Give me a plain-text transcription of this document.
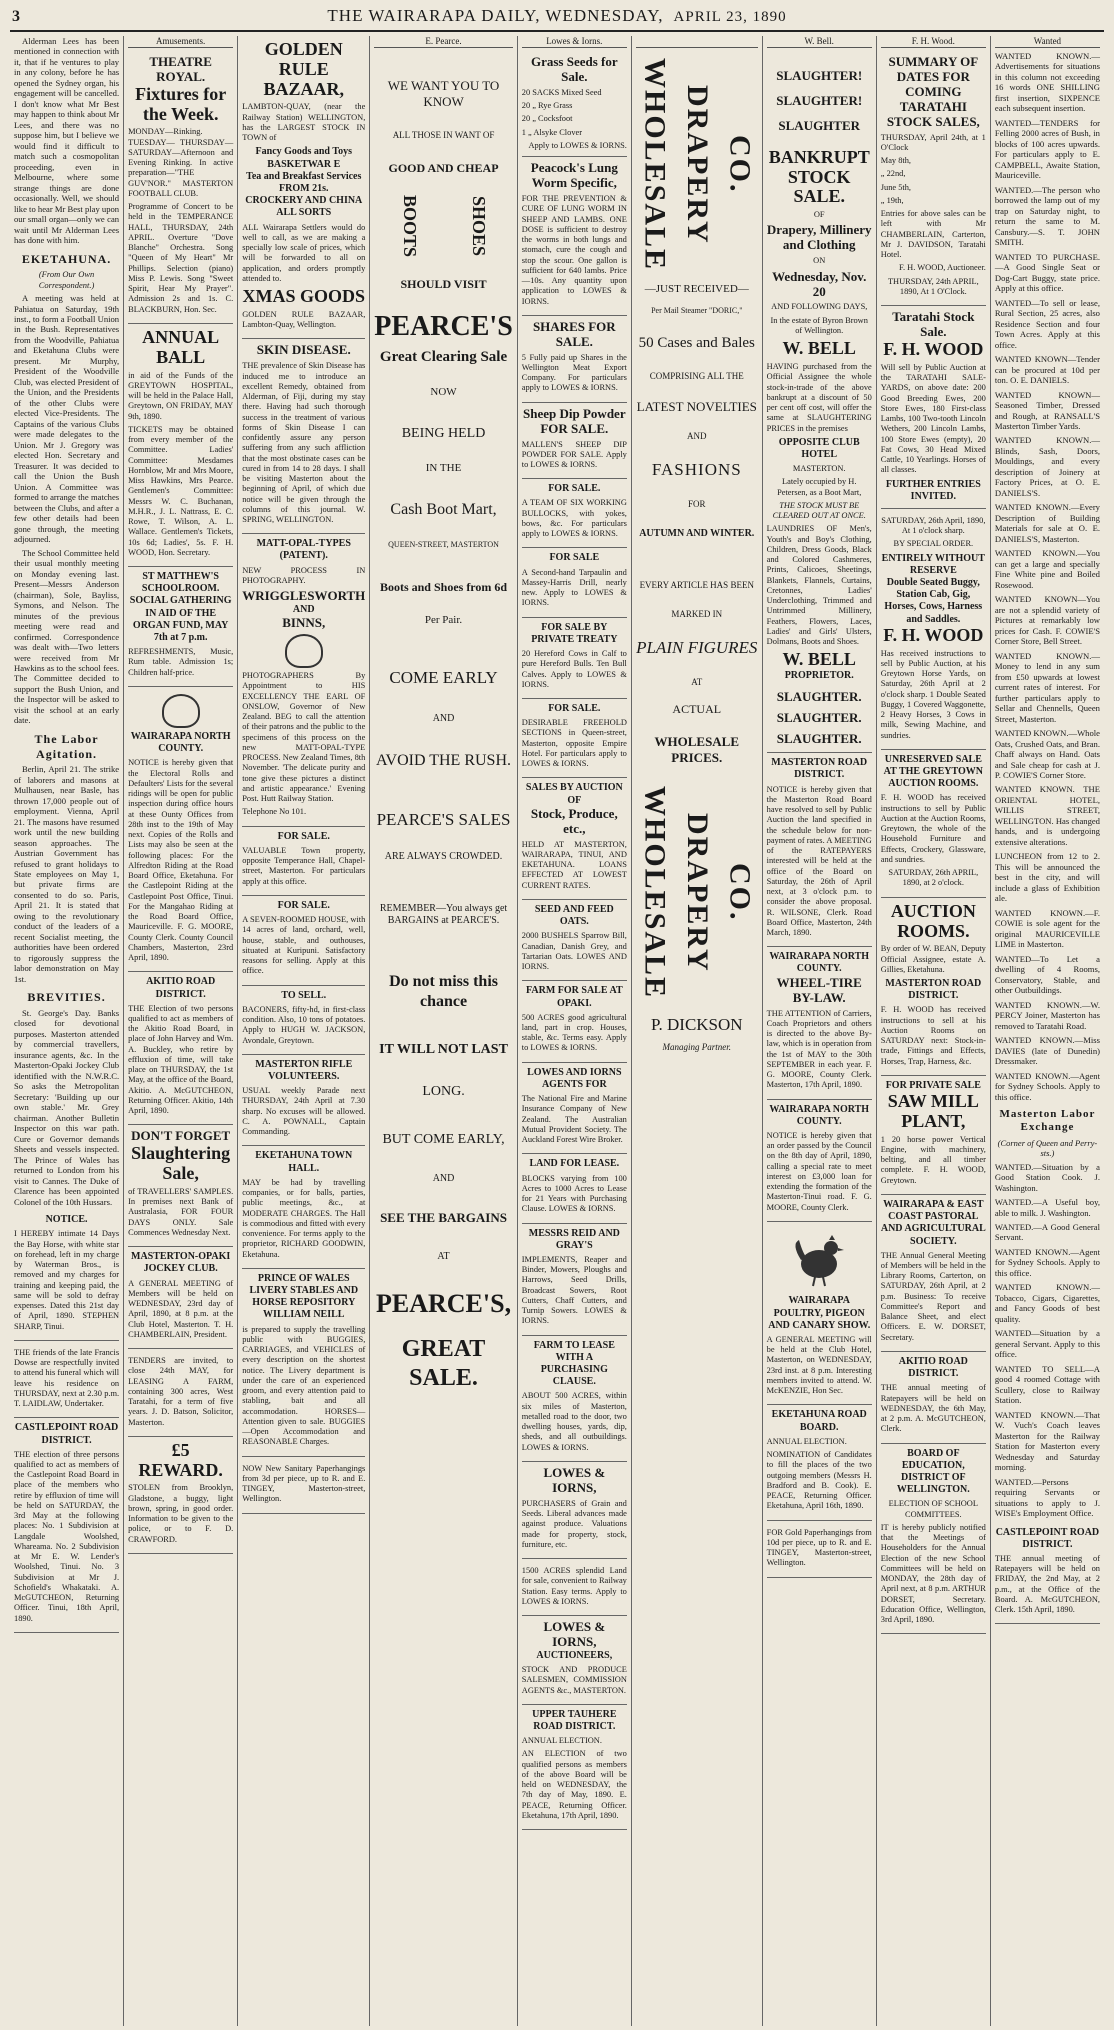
3	THE WAIRARAPA DAILY, WEDNESDAY, APRIL 23, 1890

Alderman Lees has been mentioned in connection with it, that if he ventures to play in any colony, before he has opened the Sydney organ, his engagement will be cancelled. I don't know what Mr Best may happen to think about Mr Lees, and there was no suppose him, but I believe we would find it difficult to match such a cosmopolitan proceeding, even in Melbourne, where some strange things are done occasionally. Well, we should like to hear Mr Best play upon our small organ—only we can wait until Mr Alderman Lees has done with him.

EKETAHUNA.
(From Our Own Correspondent.)

A meeting was held at Pahiatua on Saturday, 19th inst., to form a Football Union in the Bush. Representatives from the Woodville, Pahiatua and Eketahuna Clubs were present. Mr Murphy, President of the Woodville Club, was elected President of the Union, and the Presidents of the other Clubs were elected Vice-Presidents. The Captains of the various Clubs were made delegates to the Union. Mr J. Gregory was elected Hon. Secretary and Treasurer. It was decided to call the Union the Bush Union. A Committee was formed to arrange the matches between the Clubs, and after a few other details had been gone through, the meeting adjourned.

The School Committee held their usual monthly meeting on Monday evening last. Present—Messrs Anderson (chairman), Sole, Bayliss, Symons, and Nelson. The minutes of the previous meeting were read and confirmed. Correspondence was dealt with—Two letters were received from Mr Hawkins as to the school fees. The Committee decided to support the Bush Union, and the Inspector will be asked to visit the school at an early date.

The Labor Agitation.

Berlin, April 21. The strike of laborers and masons at Mulhausen, near Basle, has thrown 17,000 people out of employment. Vienna, April 21. The masons have resumed work until the new building season approaches. The Austrian Government has refused to grant holidays to State employees on May 1, but private firms are consented to do so. Paris, April 21. It is stated that owing to the revolutionary conduct of the leaders of a recent Socialist meeting, the authorities have been ordered to rigorously suppress the labor demonstration on May 1st.

BREVITIES.

St. George's Day. Banks closed for devotional purposes. Masterton attended by commercial travellers, insurance agents, &c. In the Masterton-Opaki Jockey Club identified with the N.W.R.C. So asks the Metropolitan Secretary: 'Building up our own stable.' Mr. Grey chairman. Another Bulletin Inspector on this war path. Cure or Governor demands Sheets and vessels inspected. The Prince of Wales has returned to London from his visit to Cannes. The Duke of Clarence has been appointed Colonel of the 10th Hussars.

NOTICE.
I HEREBY intimate 14 Days the Bay Horse, with white star on forehead, left in my charge by Waterman Bros., is removed and my charges for training and keeping paid, the same will be sold to defray expenses. Dated this 21st day of April, 1890. STEPHEN SHARP, Tinui.
THE friends of the late Francis Dowse are respectfully invited to attend his funeral which will leave his residence on THURSDAY, next at 2.30 p.m. T. LAIDLAW, Undertaker.
CASTLEPOINT ROAD DISTRICT.
THE election of three persons qualified to act as members of the Castlepoint Road Board in place of the members who retire by effluxion of time will be held on SATURDAY, the 3rd May at the following places: No. 1 Subdivision at Langdale Woolshed, Whareama. No. 2 Subdivision at Mr E. W. Lender's Woolshed, Tinui. No. 3 Subdivision at Mr J. Schofield's Whakataki. A. McGUTCHEON, Returning Officer. Tinui, 18th April, 1890.
Amusements.
THEATRE ROYAL.
Fixtures for the Week.
MONDAY—Rinking. TUESDAY— THURSDAY— SATURDAY—Afternoon and Evening Rinking. In active preparation—"THE GUV'NOR." MASTERTON FOOTBALL CLUB.
Programme of Concert to be held in the TEMPERANCE HALL, THURSDAY, 24th APRIL. Overture "Dove Blanche" Orchestra. Song "Queen of My Heart" Mr Phillips. Selection (piano) Miss P. Lewis. Song "Sweet Spirit, Hear My Prayer". Admission 2s and 1s. C. BLACKBURN, Hon. Sec.
ANNUAL BALL
in aid of the Funds of the GREYTOWN HOSPITAL, will be held in the Palace Hall, Greytown, ON FRIDAY, MAY 9th, 1890.
TICKETS may be obtained from every member of the Committee. Ladies' Committee: Mesdames Hornblow, Mr and Mrs Moore, Miss Hawkins, Mrs Pearce. Gentlemen's Committee: Messrs W. C. Buchanan, M.H.R., J. L. Nattrass, E. C. Rowe, T. Wilson, A. L. Wallace. Gentlemen's Tickets, 10s 6d; Ladies', 5s. F. H. WOOD, Hon. Secretary.
ST MATTHEW'S SCHOOLROOM.
SOCIAL GATHERING IN AID OF THE ORGAN FUND, MAY 7th at 7 p.m.
REFRESHMENTS, Music, Rum table. Admission 1s; Children half-price.
WAIRARAPA NORTH COUNTY.
NOTICE is hereby given that the Electoral Rolls and Defaulters' Lists for the several ridings will be open for public inspection during office hours at these Ounty Offices from 28th inst to the 19th of May next. Copies of the Rolls and Lists may also be seen at the following places: For the Alfredton Riding at the Road Board Office, Eketahuna. For the Castlepoint Riding at the Castlepoint Post Office, Tinui. For the Mangahao Riding at the Road Board Office, Mauriceville. F. G. MOORE, County Clerk. County Council Chambers, Masterton, 23rd April, 1890.
AKITIO ROAD DISTRICT.
THE Election of two persons qualified to act as members of the Akitio Road Board, in place of John Harvey and Wm. A. Buckley, who retire by effluxion of time, will take place on THURSDAY, the 1st May, at the office of the Board, Akitio. A. McGUTCHEON, Returning Officer. Akitio, 14th April, 1890.
DON'T FORGET
Slaughtering Sale,
of TRAVELLERS' SAMPLES. In premises next Bank of Australasia, FOR FOUR DAYS ONLY. Sale Commences Wednesday Next.
MASTERTON-OPAKI JOCKEY CLUB.
A GENERAL MEETING of Members will be held on WEDNESDAY, 23rd day of April, 1890, at 8 p.m. at the Club Hotel, Masterton. T. H. CHAMBERLAIN, President.
TENDERS are invited, to close 24th MAY, for LEASING A FARM, containing 300 acres, West Taratahi, for a term of five years. J. D. Batson, Solicitor, Masterton.
£5 REWARD.
STOLEN from Brooklyn, Gladstone, a buggy, light brown, spring, in good order. Information to be given to the police, or to F. D. CRAWFORD.
GOLDEN RULE
BAZAAR,
LAMBTON-QUAY, (near the Railway Station) WELLINGTON, has the LARGEST STOCK IN TOWN of
Fancy Goods and Toys
BASKETWAR E
Tea and Breakfast Services FROM 21s.
CROCKERY AND CHINA
ALL SORTS
ALL Wairarapa Settlers would do well to call, as we are making a specially low scale of prices, which will be forwarded to all on application, and orders promptly attended to.
XMAS GOODS
GOLDEN RULE BAZAAR, Lambton-Quay, Wellington.
SKIN DISEASE.
THE prevalence of Skin Disease has induced me to introduce an excellent Remedy, obtained from Alderman, of Fiji, during my stay there. Having had such thorough success in the treatment of various forms of Skin Disease I can confidently assure any person suffering from any such affliction that the most obstinate cases can be cured in from 14 to 28 days. I shall be visiting Masterton about the beginning of April, of which due notice will be given through the columns of this journal. W. SPRING, WELLINGTON.
MATT-OPAL-TYPES (PATENT).
NEW PROCESS IN PHOTOGRAPHY.
WRIGGLESWORTH
AND
BINNS,
PHOTOGRAPHERS By Appointment to HIS EXCELLENCY THE EARL OF ONSLOW, Governor of New Zealand. BEG to call the attention of their patrons and the public to the specimens of this process on the new MATT-OPAL-TYPE PROCESS. New Zealand Times, 8th November. 'The delicate purity and tone give these pictures a distinct and artistic appearance.' Evening Post. Hutt Railway Station.
Telephone No 101.
FOR SALE.
VALUABLE Town property, opposite Temperance Hall, Chapel-street, Masterton. For particulars apply at this office.
FOR SALE.
A SEVEN-ROOMED HOUSE, with 14 acres of land, orchard, well, house, stable, and outhouses, situated at Kuripuni. Satisfactory reasons for selling. Apply at this office.
TO SELL.
BACONERS, fifty-hd, in first-class condition. Also, 10 tons of potatoes. Apply to HUGH W. JACKSON, Avondale, Greytown.
MASTERTON RIFLE VOLUNTEERS.
USUAL weekly Parade next THURSDAY, 24th April at 7.30 sharp. No excuses will be allowed. C. A. POWNALL, Captain Commanding.
EKETAHUNA TOWN HALL.
MAY be had by travelling companies, or for balls, parties, public meetings, &c., at MODERATE CHARGES. The Hall is commodious and fitted with every convenience. For terms apply to the proprietor, RICHARD GOODWIN, Eketahuna.
PRINCE OF WALES LIVERY STABLES AND HORSE REPOSITORY WILLIAM NEILL
is prepared to supply the travelling public with BUGGIES, CARRIAGES, and VEHICLES of every description on the shortest notice. The Livery department is under the care of an experienced groom, and every attention paid to stabling, bait and all accommodation. HORSES—Attention given to sale. BUGGIES—Open Accommodation and REASONABLE Charges.
NOW New Sanitary Paperhangings from 3d per piece, up to R. and E. TINGEY, Masterton-street, Wellington.
E. Pearce.
WE WANT YOU TO KNOW
ALL THOSE IN WANT OF
GOOD AND CHEAP
BOOTS	SHOES
SHOULD VISIT
PEARCE'S
Great Clearing Sale
NOW
BEING HELD
IN THE
Cash Boot Mart,
QUEEN-STREET, MASTERTON
Boots and Shoes from 6d
Per Pair.
COME EARLY
AND
AVOID THE RUSH.
PEARCE'S SALES
ARE ALWAYS CROWDED.
REMEMBER—You always get BARGAINS at PEARCE'S.
Do not miss this chance
IT WILL NOT LAST
LONG.
BUT COME EARLY,
AND
SEE THE BARGAINS
AT
PEARCE'S,
GREAT SALE.
Lowes & Iorns.
Grass Seeds for Sale.
20 SACKS Mixed Seed
20 „ Rye Grass
20 „ Cocksfoot
1 „ Alsyke Clover
Apply to LOWES & IORNS.
Peacock's Lung Worm Specific,
FOR THE PREVENTION & CURE OF LUNG WORM IN SHEEP AND LAMBS. ONE DOSE is sufficient to destroy the worms in both lungs and stomach, cure the cough and stop the scour. One gallon is sufficient for 640 lambs. Price—10s. Any quantity upon application to LOWES & IORNS.
SHARES FOR SALE.
5 Fully paid up Shares in the Wellington Meat Export Company. For particulars apply to LOWES & IORNS.
Sheep Dip Powder FOR SALE.
MALLEN'S SHEEP DIP POWDER FOR SALE. Apply to LOWES & IORNS.
FOR SALE.
A TEAM OF SIX WORKING BULLOCKS, with yokes, bows, &c. For particulars apply to LOWES & IORNS.
FOR SALE
A Second-hand Tarpaulin and Massey-Harris Drill, nearly new. Apply to LOWES & IORNS.
FOR SALE BY PRIVATE TREATY
20 Hereford Cows in Calf to pure Hereford Bulls. Ten Bull Calves. Apply to LOWES & IORNS.
FOR SALE.
DESIRABLE FREEHOLD SECTIONS in Queen-street, Masterton, opposite Empire Hotel. For particulars apply to LOWES & IORNS.
SALES BY AUCTION OF
Stock, Produce, etc.,
HELD AT MASTERTON, WAIRARAPA, TINUI, AND EKETAHUNA. LOANS EFFECTED AT LOWEST CURRENT RATES.
SEED AND FEED OATS.
2000 BUSHELS Sparrow Bill, Canadian, Danish Grey, and Tartarian Oats. LOWES AND IORNS.
FARM FOR SALE AT OPAKI.
500 ACRES good agricultural land, part in crop. Houses, stable, &c. Terms easy. Apply to LOWES & IORNS.
LOWES AND IORNS AGENTS FOR
The National Fire and Marine Insurance Company of New Zealand. The Australian Mutual Provident Society. The Auckland Forest Wire Broker.
LAND FOR LEASE.
BLOCKS varying from 100 Acres to 1000 Acres to Lease for 21 Years with Purchasing Clause. LOWES & IORNS.
MESSRS REID AND GRAY'S
IMPLEMENTS, Reaper and Binder, Mowers, Ploughs and Harrows, Seed Drills, Broadcast Sowers, Root Cutters, Chaff Cutters, and Turnip Sowers. LOWES & IORNS.
FARM TO LEASE WITH A PURCHASING CLAUSE.
ABOUT 500 ACRES, within six miles of Masterton, metalled road to the door, two dwelling houses, yards, dip, sheds, and all outbuildings. LOWES & IORNS.
LOWES & IORNS,
PURCHASERS of Grain and Seeds. Liberal advances made against produce. Valuations made for property, stock, furniture, etc.
1500 ACRES splendid Land for sale, convenient to Railway Station. Easy terms. Apply to LOWES & IORNS.
LOWES & IORNS,
AUCTIONEERS,
STOCK AND PRODUCE SALESMEN, COMMISSION AGENTS &c., MASTERTON.
UPPER TAUHERE ROAD DISTRICT.
ANNUAL ELECTION.
AN ELECTION of two qualified persons as members of the above Board will be held on WEDNESDAY, the 7th day of May, 1890. E. PEACE, Returning Officer. Eketahuna, 17th April, 1890.
WHOLESALE DRAPERY CO.
—JUST RECEIVED—
Per Mail Steamer "DORIC,"
50 Cases and Bales
COMPRISING ALL THE
LATEST NOVELTIES
AND
FASHIONS
FOR
AUTUMN AND WINTER.
EVERY ARTICLE HAS BEEN
MARKED IN
PLAIN FIGURES
AT
ACTUAL
WHOLESALE PRICES.
WHOLESALE DRAPERY CO.
P. DICKSON
Managing Partner.
W. Bell.
SLAUGHTER!
SLAUGHTER!
SLAUGHTER
BANKRUPT STOCK SALE.
OF
Drapery, Millinery and Clothing
ON
Wednesday, Nov. 20
AND FOLLOWING DAYS,
In the estate of Byron Brown of Wellington.
W. BELL
HAVING purchased from the Official Assignee the whole stock-in-trade of the above bankrupt at a discount of 50 per cent off cost, will offer the same at SLAUGHTERING PRICES in the premises
OPPOSITE CLUB HOTEL
MASTERTON.
Lately occupied by H. Petersen, as a Boot Mart,
THE STOCK MUST BE CLEARED OUT AT ONCE.
LAUNDRIES OF Men's, Youth's and Boy's Clothing, Children, Dress Goods, Black and Colored Cashmeres, Prints, Calicoes, Sheetings, Blankets, Flannels, Curtains, Cretonnes, Ladies' Underclothing, Trimmed and Untrimmed Millinery, Feathers, Flowers, Laces, Ladies' and Girls' Ulsters, Dolmans, Boots and Shoes.
W. BELL
PROPRIETOR.
SLAUGHTER.
SLAUGHTER.
SLAUGHTER.
MASTERTON ROAD DISTRICT.
NOTICE is hereby given that the Masterton Road Board have resolved to sell by Public Auction the land specified in the schedule below for non-payment of rates. A MEETING of the RATEPAYERS interested will be held at the office of the Board on Saturday, the 26th of April next, at 3 o'clock p.m. to consider the above proposal. R. WILSONE, Clerk. Road Board Office, Masterton, 24th March, 1890.
WAIRARAPA NORTH COUNTY.
WHEEL-TIRE BY-LAW.
THE ATTENTION of Carriers, Coach Proprietors and others is directed to the above By-law, which is in operation from the 1st of MAY to the 30th SEPTEMBER in each year. F. G. MOORE, County Clerk. Masterton, 17th April, 1890.
WAIRARAPA NORTH COUNTY.
NOTICE is hereby given that an order passed by the Council on the 8th day of April, 1890, calling a special rate to meet interest on £3,000 loan for extending the formation of the Masterton-Tinui road. F. G. MOORE, County Clerk.
WAIRARAPA POULTRY, PIGEON AND CANARY SHOW.
A GENERAL MEETING will be held at the Club Hotel, Masterton, on WEDNESDAY, 23rd inst. at 8 p.m. Interesting members invited to attend. W. McKENZIE, Hon Sec.
EKETAHUNA ROAD BOARD.
ANNUAL ELECTION.
NOMINATION of Candidates to fill the places of the two outgoing members (Messrs H. Bradford and B. Cook). E. PEACE, Returning Officer. Eketahuna, April 16th, 1890.
FOR Gold Paperhangings from 10d per piece, up to R. and E. TINGEY, Masterton-street, Wellington.
F. H. Wood.
SUMMARY OF DATES FOR COMING TARATAHI STOCK SALES,
THURSDAY, April 24th, at 1 O'Clock
May 8th,
„ 22nd,
June 5th,
„ 19th,
Entries for above sales can be left with Mr CHAMBERLAIN, Carterton, Mr J. DAVIDSON, Taratahi Hotel.
F. H. WOOD, Auctioneer.
THURSDAY, 24th APRIL, 1890, At 1 O'Clock.
Taratahi Stock Sale.
F. H. WOOD
Will sell by Public Auction at the TARATAHI SALE-YARDS, on above date: 200 Good Breeding Ewes, 200 Store Ewes, 180 First-class Lambs, 100 Two-tooth Lincoln Wethers, 200 Lincoln Lambs, 100 Store Ewes (empty), 20 Fat Cows, 30 Head Mixed Cattle, 10 Yearlings. Horses of all classes.
FURTHER ENTRIES INVITED.
SATURDAY, 26th April, 1890, At 1 o'clock sharp.
BY SPECIAL ORDER.
ENTIRELY WITHOUT RESERVE
Double Seated Buggy, Station Cab, Gig, Horses, Cows, Harness and Saddles.
F. H. WOOD
Has received instructions to sell by Public Auction, at his Greytown Horse Yards, on Saturday, 26th April at 2 o'clock sharp. 1 Double Seated Buggy, 1 Covered Waggonette, 2 Heavy Horses, 3 Cows in milk, Sewing Machine, and sundries.
UNRESERVED SALE AT THE GREYTOWN AUCTION ROOMS.
F. H. WOOD has received instructions to sell by Public Auction at the Auction Rooms, Greytown, the whole of the Household Furniture and Effects, Crockery, Glassware, and sundries.
SATURDAY, 26th APRIL, 1890, at 2 o'clock.
AUCTION ROOMS.
By order of W. BEAN, Deputy Official Assignee, estate A. Gillies, Eketahuna.
MASTERTON ROAD DISTRICT.
F. H. WOOD has received instructions to sell at his Auction Rooms on SATURDAY next: Stock-in-trade, Fittings and Effects, Horses, Trap, Harness, &c.
FOR PRIVATE SALE
SAW MILL PLANT,
1 20 horse power Vertical Engine, with machinery, belting, and all timber complete. F. H. WOOD, Greytown.
WAIRARAPA & EAST COAST PASTORAL AND AGRICULTURAL SOCIETY.
THE Annual General Meeting of Members will be held in the Library Rooms, Carterton, on SATURDAY, 26th April, at 2 p.m. Business: To receive Committee's Report and Balance Sheet, and elect Officers. E. W. DORSET, Secretary.
AKITIO ROAD DISTRICT.
THE annual meeting of Ratepayers will be held on WEDNESDAY, the 6th May, at 2 p.m. A. McGUTCHEON, Clerk.
BOARD OF EDUCATION, DISTRICT OF WELLINGTON.
ELECTION OF SCHOOL COMMITTEES.
IT is hereby publicly notified that the Meetings of Householders for the Annual Election of the new School Committees will be held on MONDAY, the 28th day of April next, at 8 p.m. ARTHUR DORSET, Secretary. Education Office, Wellington, 3rd April, 1890.
Wanted
WANTED KNOWN.—Advertisements for situations in this column not exceeding 16 words ONE SHILLING first insertion, SIXPENCE each subsequent insertion.
WANTED—TENDERS for Felling 2000 acres of Bush, in blocks of 100 acres upwards. For particulars apply to E. CAMPBELL, Awaite Station, Mauriceville.
WANTED.—The person who borrowed the lamp out of my trap on Saturday night, to return the same to M. Cansbury.—S. T. JOHN SMITH.
WANTED TO PURCHASE.—A Good Single Seat or Dog-Cart Buggy, state price. Apply at this office.
WANTED—To sell or lease, Rural Section, 25 acres, also Residence Section and four Town Acres. Apply at this office.
WANTED KNOWN—Tender can be procured at 10d per ton. O. E. DANIELS.
WANTED KNOWN—Seasoned Timber, Dressed and Rough, at RANSALL'S Masterton Timber Yards.
WANTED KNOWN.—Blinds, Sash, Doors, Mouldings, and every description of Joinery at Factory Prices, at O. E. DANIELS'S.
WANTED KNOWN.—Every Description of Building Materials for sale at O. E. DANIELS'S, Masterton.
WANTED KNOWN.—You can get a large and specially Fine White pine and Boiled Rosewood.
WANTED KNOWN—You are not a splendid variety of Pictures at remarkably low prices for Cash. F. COWIE'S Corner Store, Bell Street.
WANTED KNOWN.—Money to lend in any sum from £50 upwards at lowest current rates of interest. For further particulars apply to Sellar and Chennells, Queen Street, Masterton.
WANTED KNOWN.—Whole Oats, Crushed Oats, and Bran. Chaff always on Hand. Oats and Sale cheap for cash at J. P. COWIE'S Corner Store.
WANTED KNOWN. THE ORIENTAL HOTEL, WILLIS STREET, WELLINGTON. Has changed hands, and is undergoing extensive alterations.
LUNCHEON from 12 to 2. This will be announced the best in the city, and will include a glass of Exhibition ale.
WANTED KNOWN.—F. COWIE is sole agent for the original MAURICEVILLE LIME in Masterton.
WANTED—To Let a dwelling of 4 Rooms, Conservatory, Stable, and other Outbuildings.
WANTED KNOWN.—W. PERCY Joiner, Masterton has removed to Taratahi Road.
WANTED KNOWN.—Miss DAVIES (late of Dunedin) Dressmaker.
WANTED KNOWN.—Agent for Sydney Schools. Apply to this office.
Masterton Labor Exchange
(Corner of Queen and Perry-sts.)
WANTED.—Situation by a Good Station Cook. J. Washington.
WANTED.—A Useful boy, able to milk. J. Washington.
WANTED.—A Good General Servant.
WANTED KNOWN.—Agent for Sydney Schools. Apply to this office.
WANTED KNOWN.—Tobacco, Cigars, Cigarettes, and Fancy Goods of best quality.
WANTED—Situation by a general Servant. Apply to this office.
WANTED TO SELL—A good 4 roomed Cottage with Scullery, close to Railway Station.
WANTED KNOWN.—That W. Vuch's Coach leaves Masterton for the Railway Station for Masterton every Wednesday and Saturday morning.
WANTED.—Persons requiring Servants or situations to apply to J. WISE's Employment Office.
CASTLEPOINT ROAD DISTRICT.
THE annual meeting of Ratepayers will be held on FRIDAY, the 2nd May, at 2 p.m., at the Office of the Board. A. McGUTCHEON, Clerk. 15th April, 1890.
